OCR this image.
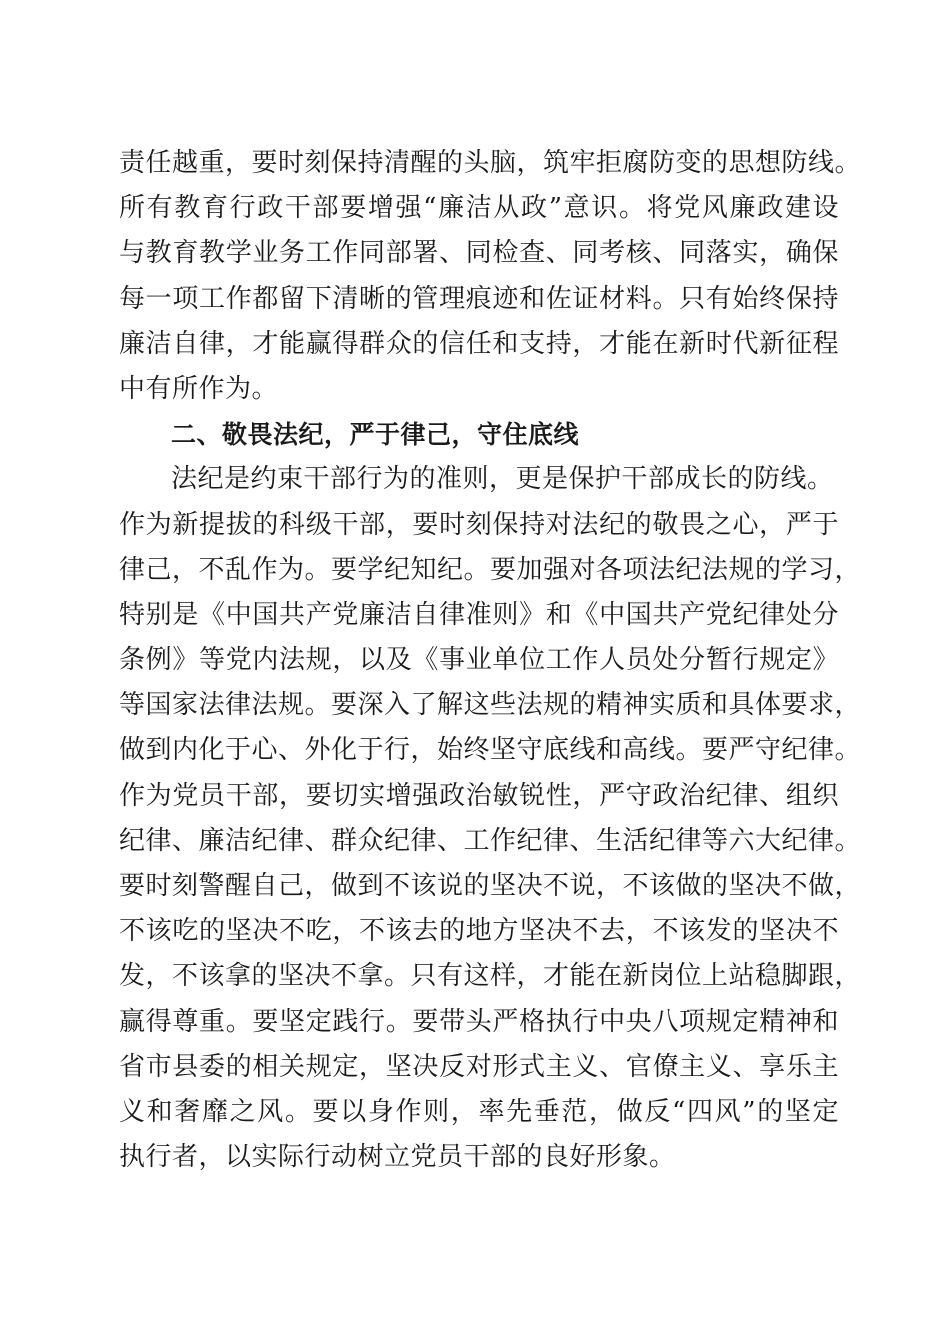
责任越重，要时刻保持清醒的头脑，筑牢拒腐防变的思想防线。
所有教育行政干部要增强“廉洁从政”意识。将党风廉政建设
与教育教学业务工作同部署、同检查、同考核、同落实，确保
每一项工作都留下清晰的管理痕迹和佐证材料。只有始终保持
廉洁自律，才能赢得群众的信任和支持，才能在新时代新征程
中有所作为。
二、敬畏法纪，严于律己，守住底线
法纪是约束干部行为的准则，更是保护干部成长的防线。
作为新提拔的科级干部，要时刻保持对法纪的敬畏之心，严于
律己，不乱作为。要学纪知纪。要加强对各项法纪法规的学习，
特别是《中国共产党廉洁自律准则》和《中国共产党纪律处分
条例》等党内法规，以及《事业单位工作人员处分暂行规定》
等国家法律法规。要深入了解这些法规的精神实质和具体要求，
做到内化于心、外化于行，始终坚守底线和高线。要严守纪律。
作为党员干部，要切实增强政治敏锐性，严守政治纪律、组织
纪律、廉洁纪律、群众纪律、工作纪律、生活纪律等六大纪律。
要时刻警醒自己，做到不该说的坚决不说，不该做的坚决不做，
不该吃的坚决不吃，不该去的地方坚决不去，不该发的坚决不
发，不该拿的坚决不拿。只有这样，才能在新岗位上站稳脚跟，
赢得尊重。要坚定践行。要带头严格执行中央八项规定精神和
省市县委的相关规定，坚决反对形式主义、官僚主义、享乐主
义和奢靡之风。要以身作则，率先垂范，做反“四风”的坚定
执行者，以实际行动树立党员干部的良好形象。
